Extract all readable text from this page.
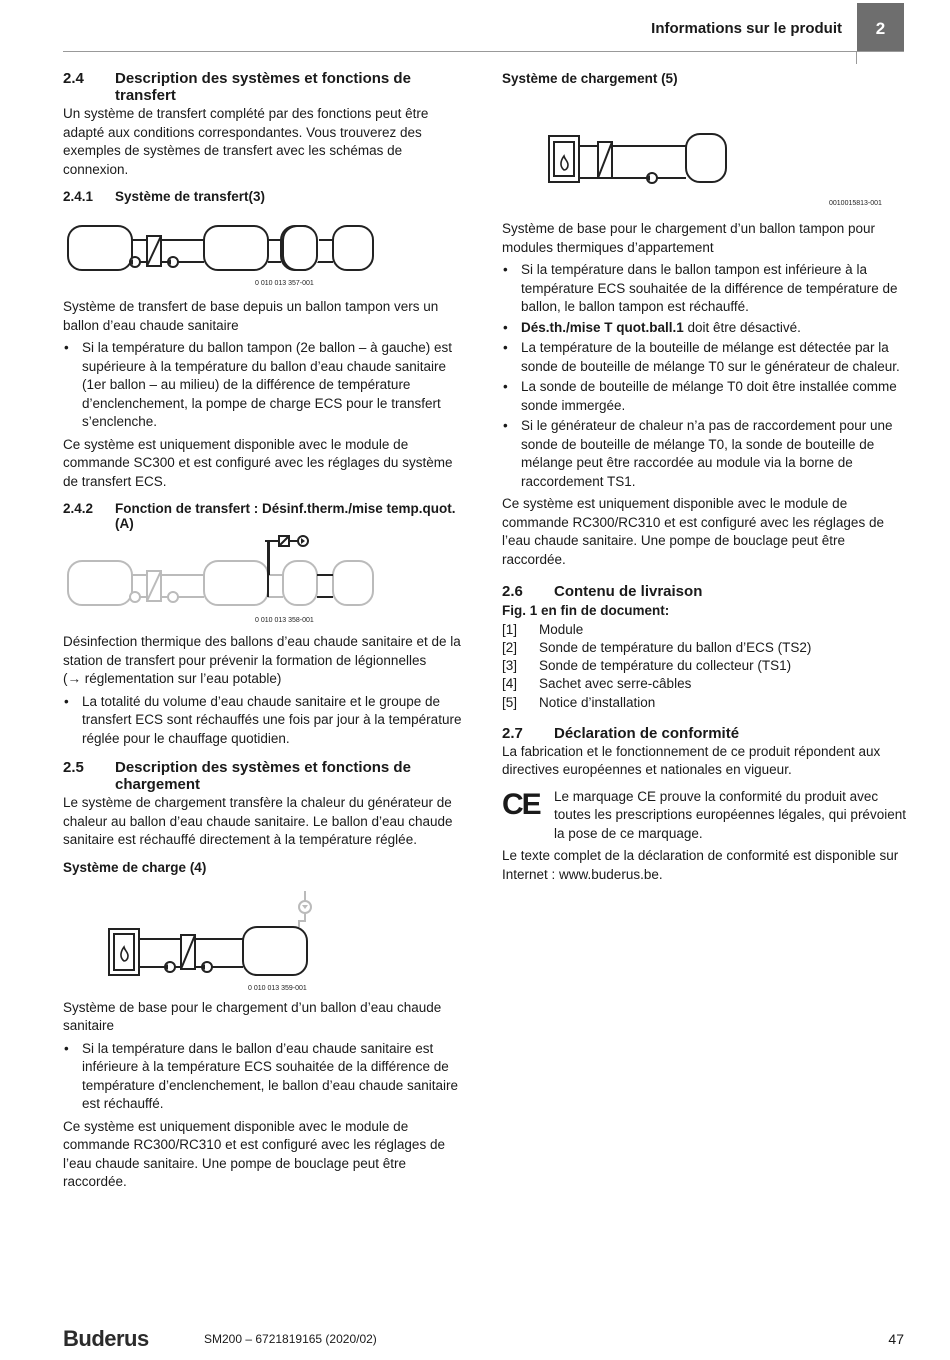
Informations sur le produit	2
2.4	Description des systèmes et fonctions de transfert

Un système de transfert complété par des fonctions peut être adapté aux conditions correspondantes. Vous trouverez des exemples de systèmes de transfert avec les schémas de connexion.

2.4.1	Système de transfert(3)
0 010 013 357-001

Système de transfert de base depuis un ballon tampon vers un ballon d’eau chaude sanitaire

• Si la température du ballon tampon (2e ballon – à gauche) est supérieure à la température du ballon d’eau chaude sanitaire (1er ballon – au milieu) de la différence de température d’enclenchement, la pompe de charge ECS pour le transfert s’enclenche.

Ce système est uniquement disponible avec le module de commande SC300 et est configuré avec les réglages du système de transfert ECS.

2.4.2	Fonction de transfert : Désinf.therm./mise temp.quot.(A)
0 010 013 358-001

Désinfection thermique des ballons d’eau chaude sanitaire et de la station de transfert pour prévenir la formation de légionnelles

(→ réglementation sur l’eau potable)

• La totalité du volume d’eau chaude sanitaire et le groupe de transfert ECS sont réchauffés une fois par jour à la température réglée pour le chauffage quotidien.
2.5	Description des systèmes et fonctions de chargement

Le système de chargement transfère la chaleur du générateur de chaleur au ballon d’eau chaude sanitaire. Le ballon d’eau chaude sanitaire est réchauffé directement à la température réglée.

Système de charge (4)
0 010 013 359-001

Système de base pour le chargement d’un ballon d’eau chaude sanitaire

• Si la température dans le ballon d’eau chaude sanitaire est inférieure à la température ECS souhaitée de la différence de température d’enclenchement, le ballon d’eau chaude sanitaire est réchauffé.

Ce système est uniquement disponible avec le module de commande RC300/RC310 et est configuré avec les réglages de l’eau chaude sanitaire. Une pompe de bouclage peut être raccordée.

Système de chargement (5)
0010015813-001

Système de base pour le chargement d’un ballon tampon pour modules thermiques d’appartement

• Si la température dans le ballon tampon est inférieure à la température ECS souhaitée de la différence de température de ballon, le ballon tampon est réchauffé.
• Dés.th./mise T quot.ball.1 doit être désactivé.
• La température de la bouteille de mélange est détectée par la sonde de bouteille de mélange T0 sur le générateur de chaleur.
• La sonde de bouteille de mélange T0 doit être installée comme sonde immergée.
• Si le générateur de chaleur n’a pas de raccordement pour une sonde de bouteille de mélange T0, la sonde de bouteille de mélange peut être raccordée au module via la borne de raccordement TS1.

Ce système est uniquement disponible avec le module de commande RC300/RC310 et est configuré avec les réglages de l’eau chaude sanitaire. Une pompe de bouclage peut être raccordée.

2.6	Contenu de livraison

Fig. 1 en fin de document:

[1]	Module
[2]	Sonde de température du ballon d’ECS (TS2)
[3]	Sonde de température du collecteur (TS1)
[4]	Sachet avec serre-câbles
[5]	Notice d’installation
2.7	Déclaration de conformité

La fabrication et le fonctionnement de ce produit répondent aux directives européennes et nationales en vigueur.

CE	Le marquage CE prouve la conformité du produit avec toutes les prescriptions européennes légales, qui prévoient la pose de ce marquage.

Le texte complet de la déclaration de conformité est disponible sur Internet : www.buderus.be.

Buderus	SM200 – 6721819165 (2020/02)	47
